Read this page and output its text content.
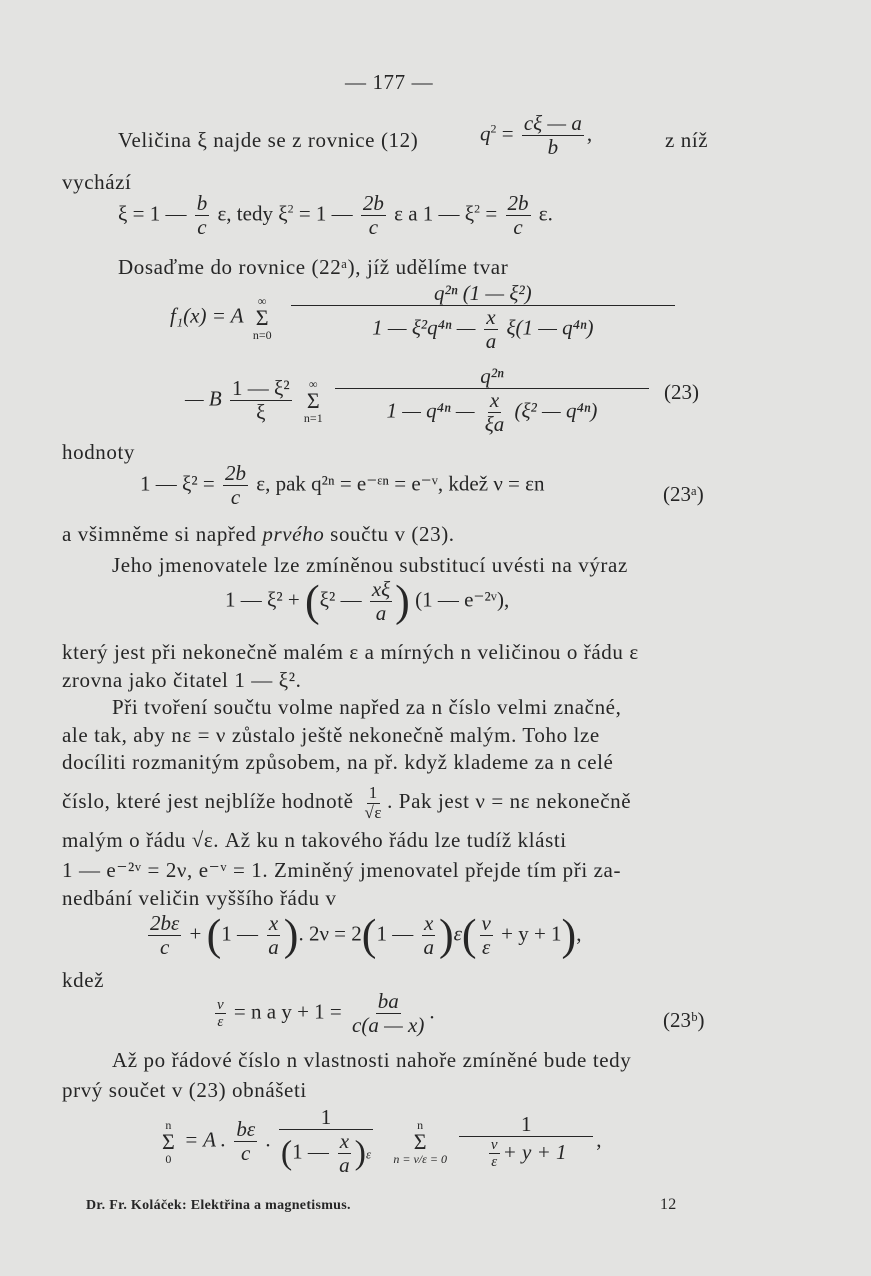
— 177 —
Veličina ξ najde se z rovnice (12)	$q^2 = \frac{c\xi — a}{b}$ ,	z níž
vychází
ξ = 1 — $\frac{b}{c} \varepsilon$, tedy $\xi^2 = 1$ — $\frac{2b}{c}$ ε a 1 — $\xi^2 = \frac{2b}{c} \varepsilon$.
Dosaďme do rovnice (22ᵃ), jíž udělíme tvar
f₁(x) = A
∞
Σ
n=0
$\frac{\text{q²ⁿ (1 — ξ²)}}{1 — \xi^2q^{4n} — \frac{x}{a} \xi(1 — q^{4n})}$
— B $\frac{\text{1 — ξ²}}{\xi}$
∞
Σ
n=1
$\frac{\text{q²ⁿ}}{1 — q^{4n} — \frac{x}{\xi a} (\xi^2 — q^{4n})} (23)$
hodnoty
1 — $\xi^2 = \frac{2b}{c} \varepsilon$, pak q²ⁿ = e⁻ᵋⁿ = e⁻ᵛ, kdež ν = εn	(23ᵃ)
a všimněme si napřed prvého součtu v (23).
Jeho jmenovatele lze zmíněnou substitucí uvésti na výraz
1 — ξ² + (ξ² — $\frac{x\xi}{a}$ ) (1 — e⁻²ᵛ),
který jest při nekonečně malém ε a mírných n veličinou o řádu ε
zrovna jako čitatel 1 — ξ².
Při tvoření součtu volme napřed za n číslo velmi značné,
ale tak, aby nε = ν zůstalo ještě nekonečně malým. Toho lze
docíliti rozmanitým způsobem, na př. když klademe za n celé
číslo, které jest nejblíže hodnotě $\frac{1}{√\varepsilon}$ . Pak jest ν = nε nekonečně
malým o řádu √ε. Až ku n takového řádu lze tudíž klásti
1 — e⁻²ᵛ = 2ν, e⁻ᵛ = 1. Zminěný jmenovatel přejde tím při za-
nedbání veličin vyššího řádu v
$\frac{2b\varepsilon}{c} + (1$ — $\frac{x}{a}$ ). 2ν = 2(1 — $\frac{x}{a} )\varepsilon( \frac{\nu}{\varepsilon} + y + 1)$,
kdež
$\frac{\nu}{\varepsilon} = n$ a $y + 1 = \frac{ba}{c(a — x)}$ .	(23ᵇ)
Až po řádové číslo n vlastnosti nahoře zmíněné bude tedy
prvý součet v (23) obnášeti
n
Σ
0
= A . $\frac{b\varepsilon}{c}$ . $\frac{1}{(1 — \frac{x}{a} )\varepsilon}$
	n
Σ
n = ν/ε = 0
$\frac{1}{\frac{\nu}{\varepsilon} + y + 1}$ ,
Dr. Fr. Koláček: Elektřina a magnetismus.	12
